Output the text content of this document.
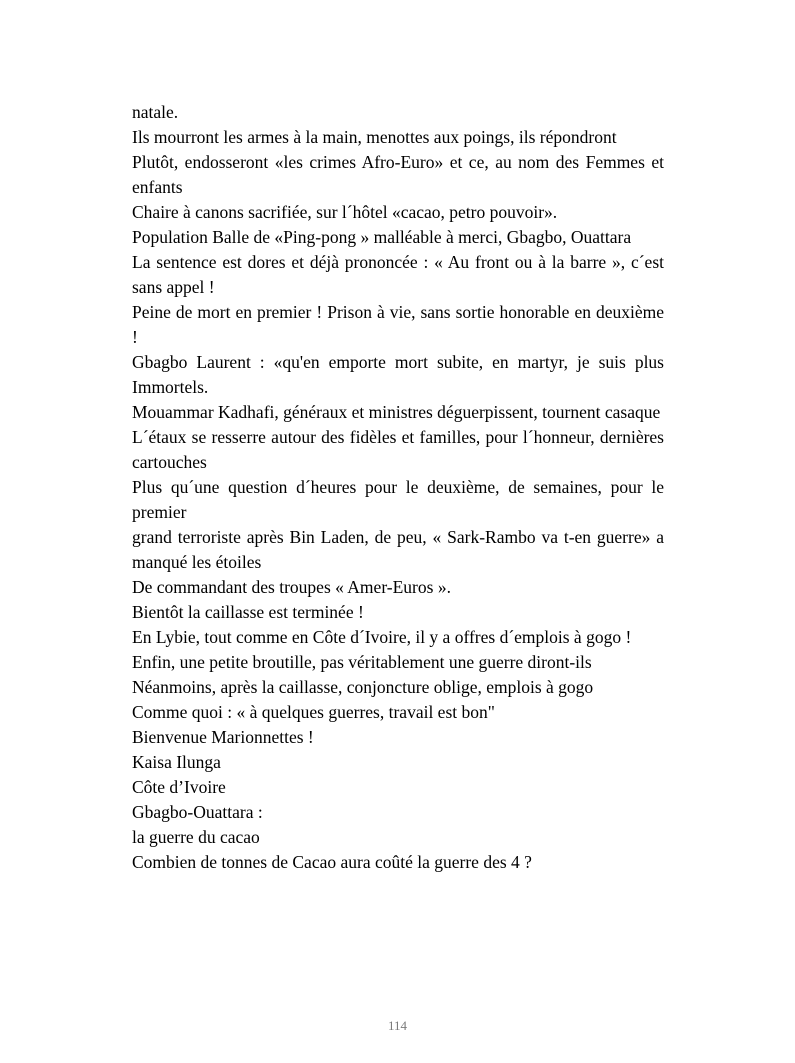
natale.

Ils mourront les armes à la main, menottes aux poings, ils répondront

Plutôt, endosseront «les crimes Afro-Euro» et ce, au nom des Femmes et enfants

Chaire à canons sacrifiée, sur l´hôtel «cacao, petro pouvoir».

Population Balle de «Ping-pong » malléable à merci, Gbagbo, Ouattara

La sentence est dores et déjà prononcée : « Au front ou à la barre », c´est sans appel !

Peine de mort en premier ! Prison à vie, sans sortie honorable en deuxième !

Gbagbo Laurent : «qu'en emporte mort subite, en martyr, je suis plus Immortels.

Mouammar Kadhafi, généraux et ministres déguerpissent, tournent casaque

L´étaux se resserre autour des fidèles et familles, pour l´honneur, dernières cartouches

Plus qu´une question d´heures pour le deuxième, de semaines, pour le premier

grand terroriste après Bin Laden, de peu, « Sark-Rambo va t-en guerre» a manqué les étoiles

De commandant des troupes « Amer-Euros ».

Bientôt la caillasse est terminée !

En Lybie, tout comme en Côte d´Ivoire, il y a offres d´emplois à gogo !

Enfin, une petite broutille, pas véritablement une guerre diront-ils

Néanmoins, après la caillasse, conjoncture oblige, emplois à gogo

Comme quoi : « à quelques guerres, travail est bon"

Bienvenue Marionnettes !

Kaisa Ilunga

Côte d’Ivoire

Gbagbo-Ouattara :

la guerre du cacao

Combien de tonnes de Cacao aura coûté la guerre des 4 ?

114
